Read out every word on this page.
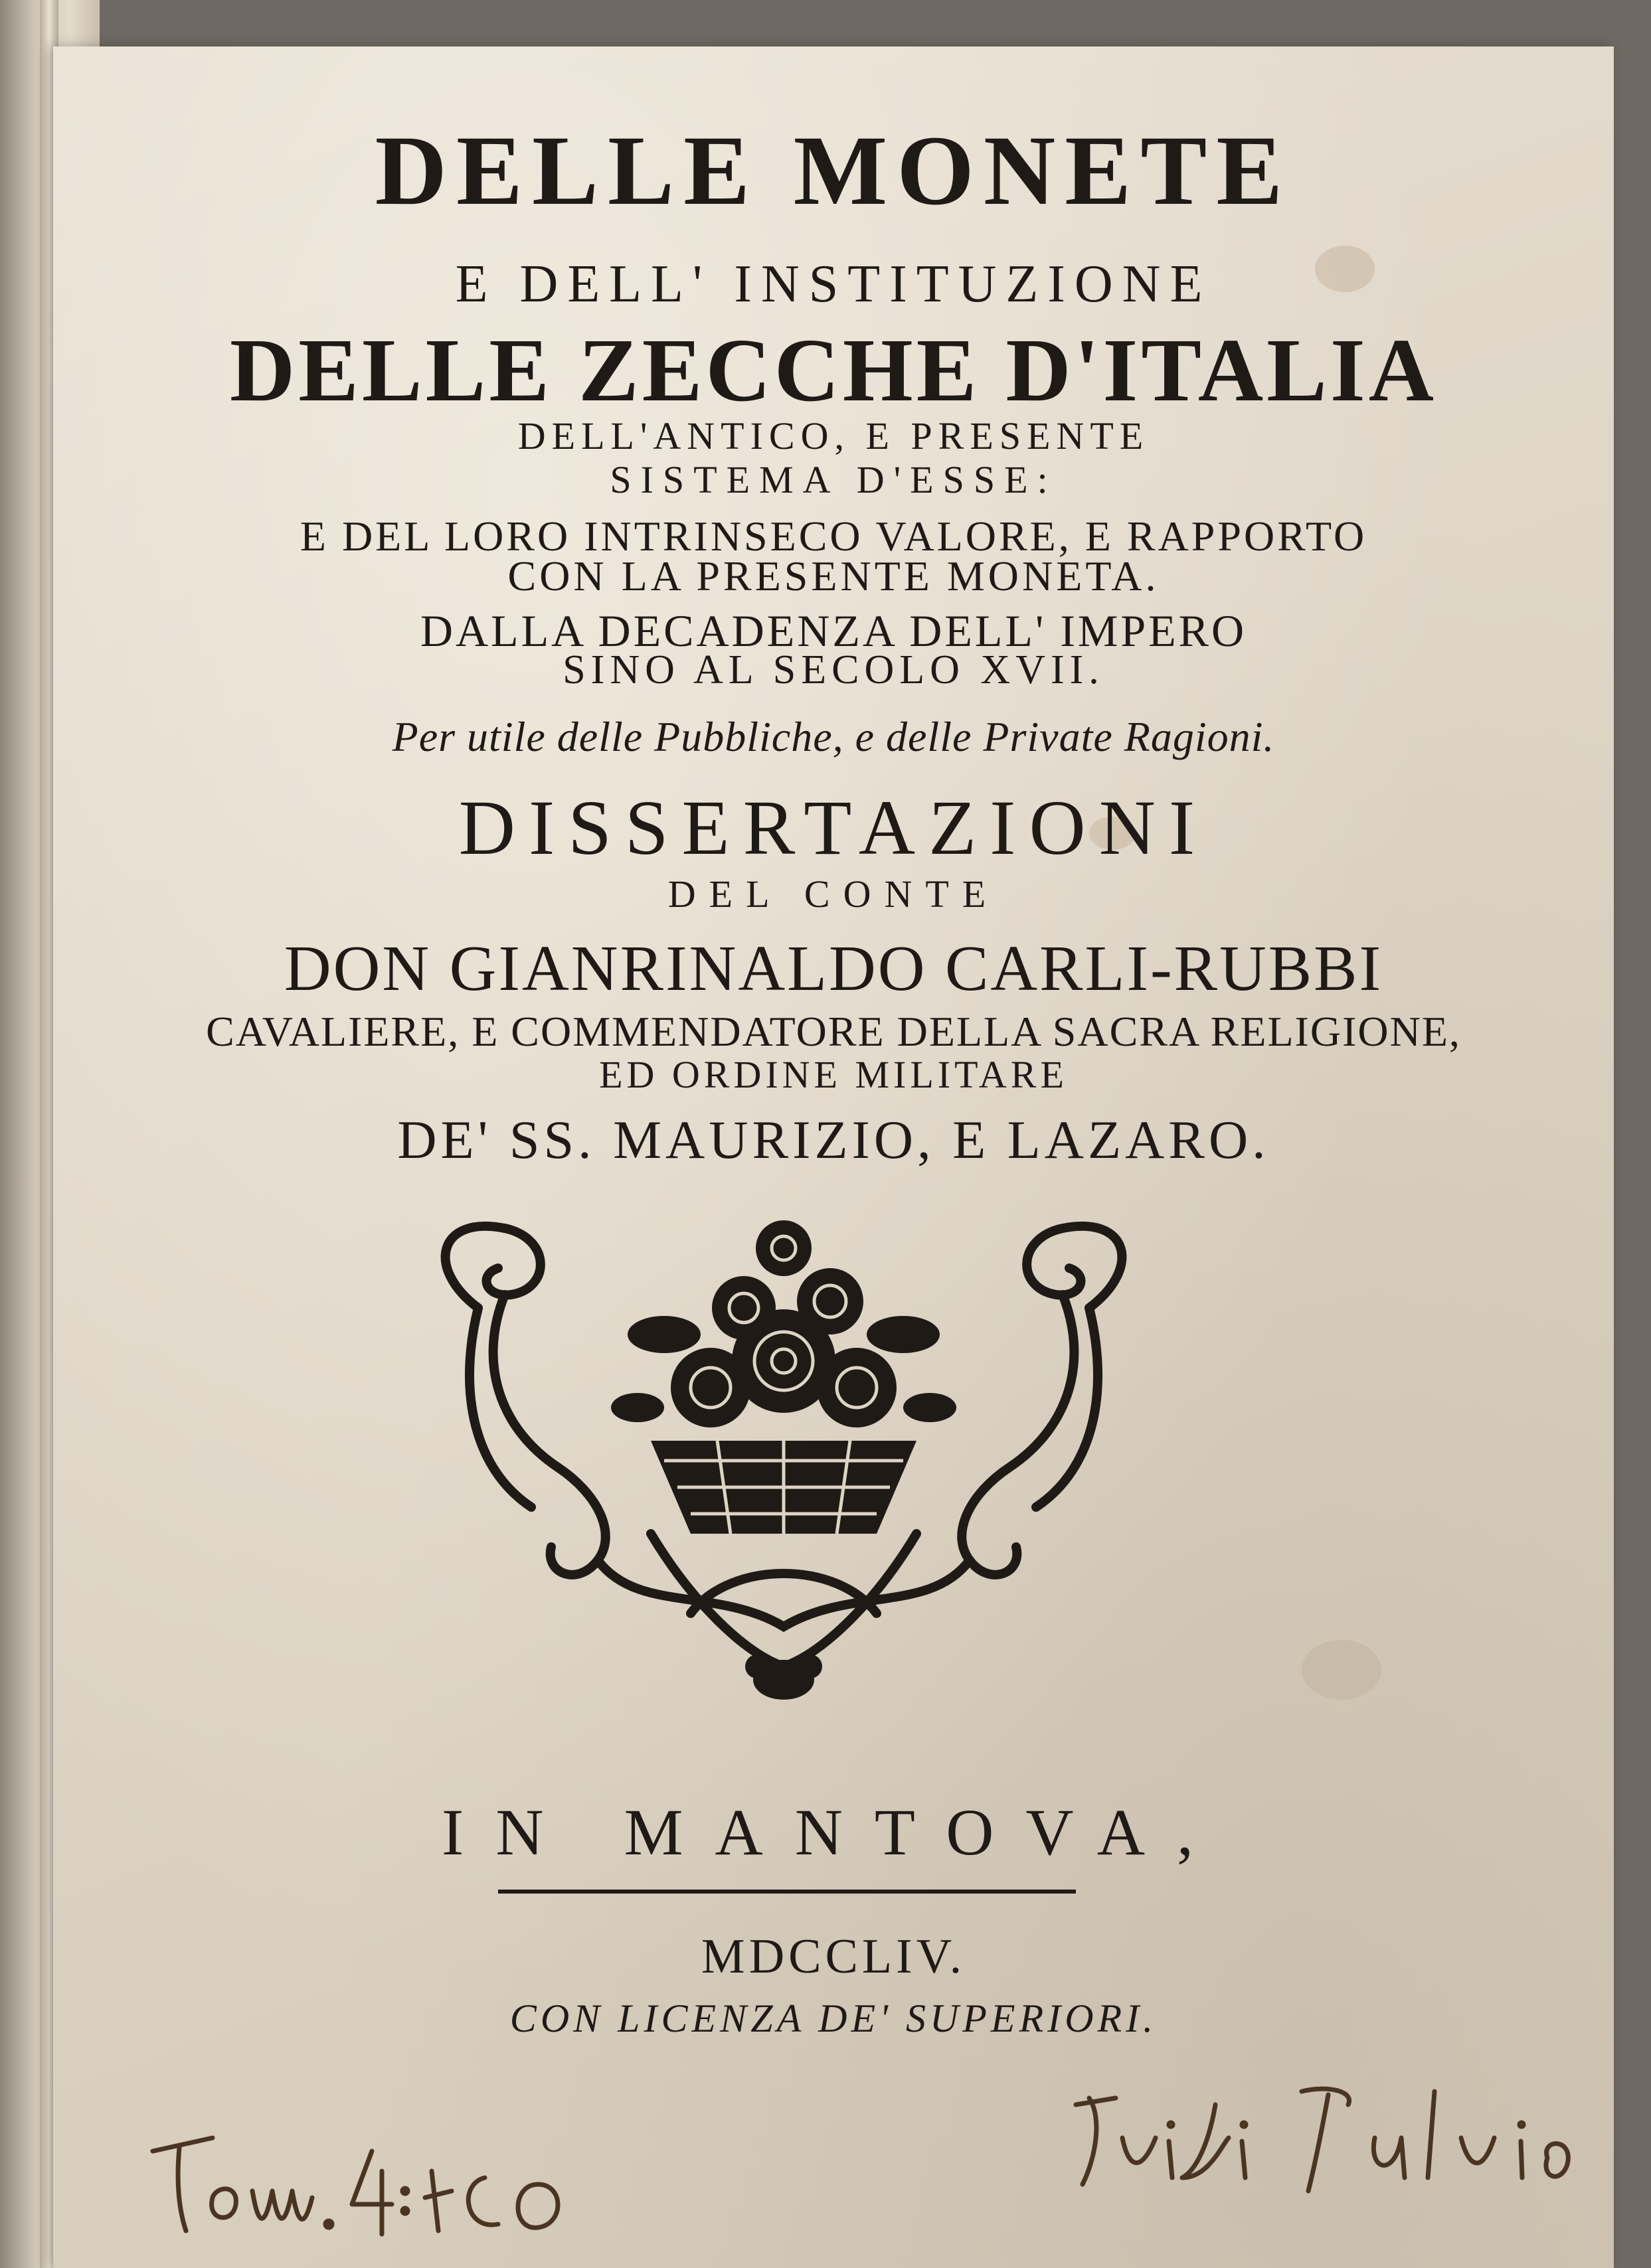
DELLE MONETE
E DELL' INSTITUZIONE
DELLE ZECCHE D'ITALIA
DELL'ANTICO, E PRESENTE
SISTEMA D'ESSE:
E DEL LORO INTRINSECO VALORE, E RAPPORTO
CON LA PRESENTE MONETA.
DALLA DECADENZA DELL' IMPERO
SINO AL SECOLO XVII.
Per utile delle Pubbliche, e delle Private Ragioni.
DISSERTAZIONI
DEL CONTE
DON GIANRINALDO CARLI-RUBBI
CAVALIERE, E COMMENDATORE DELLA SACRA RELIGIONE,
ED ORDINE MILITARE
DE' SS. MAURIZIO, E LAZARO.
IN MANTOVA,
MDCCLIV.
CON LICENZA DE' SUPERIORI.
